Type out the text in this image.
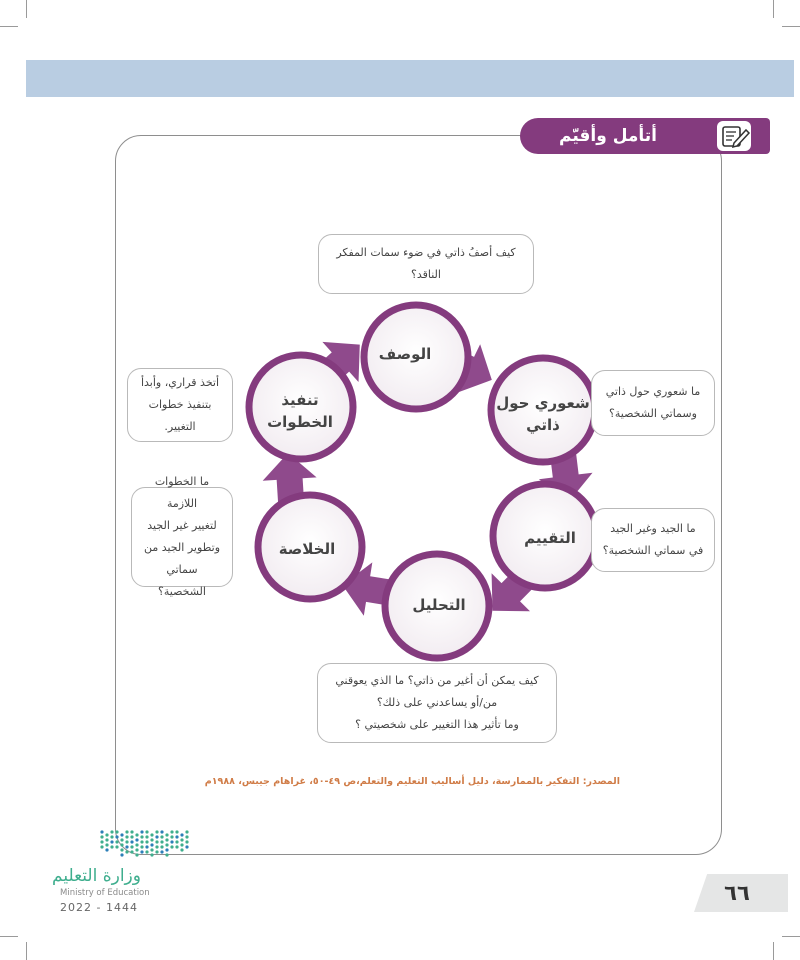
أتأمل وأقيّم مكتسباتي
الوصف
شعوري حول
ذاتي
التقييم
التحليل
الخلاصة
تنفيذ
الخطوات
كيف أصفُ ذاتي في ضوء سمات المفكر
الناقد؟
ما شعوري حول ذاتي
وسماتي الشخصية؟
ما الجيد وغير الجيد
في سماتي الشخصية؟
كيف يمكن أن أغير من ذاتي؟ ما الذي يعوقني
من/أو يساعدني على ذلك؟
وما تأثير هذا التغيير على شخصيتي ؟
ما الخطوات اللازمة
لتغيير غير الجيد
وتطوير الجيد من سماتي
الشخصية؟
أتخذ قراري، وأبدأ
بتنفيذ خطوات
التغيير.
المصدر: التفكير بالممارسة، دليل أساليب التعليم والتعلم،ص ٤٩-٥٠، غراهام جيبس، ١٩٨٨م
وزارة التعليم
Ministry of Education
2022 - 1444
٦٦
